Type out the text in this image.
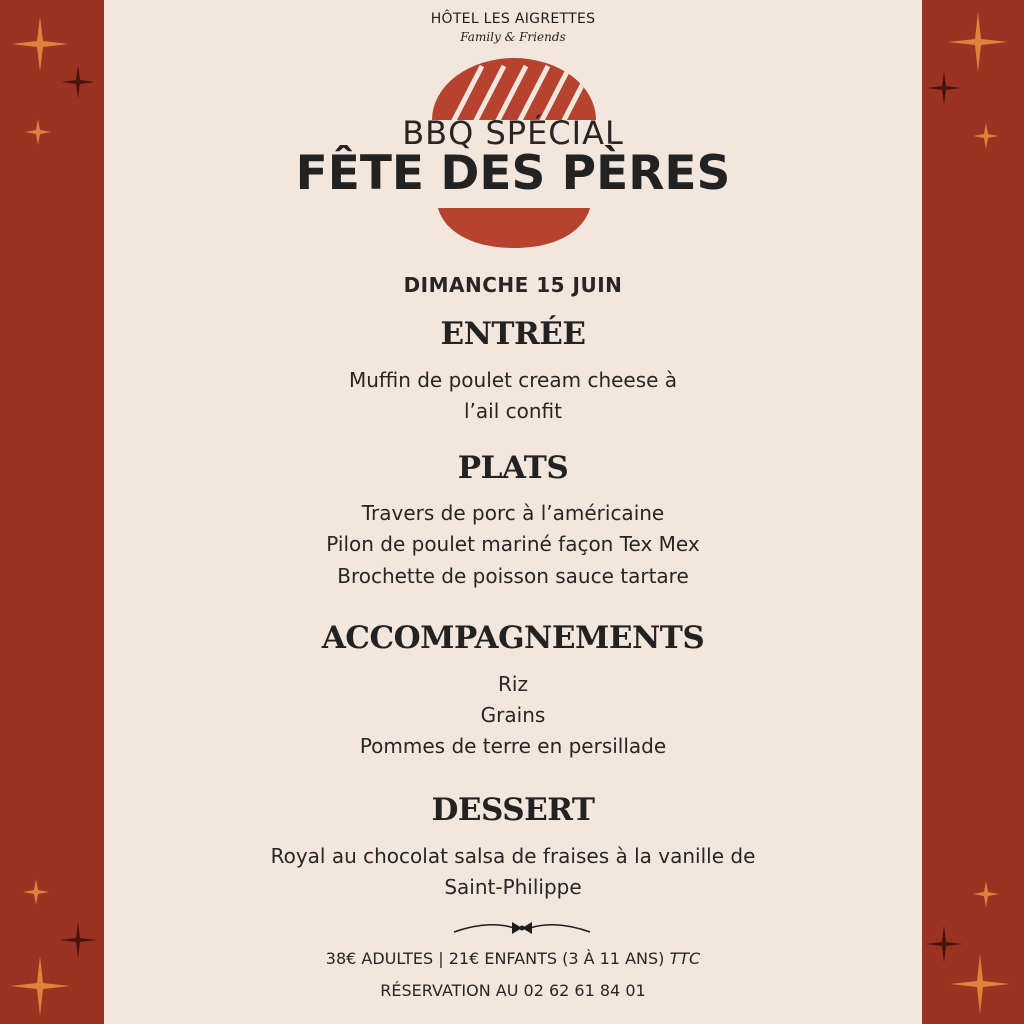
HÔTEL LES AIGRETTES
Family & Friends
BBQ SPÉCIAL
FÊTE DES PÈRES
DIMANCHE 15 JUIN
ENTRÉE
Muffin de poulet cream cheese à
l’ail confit
PLATS
Travers de porc à l’américaine
Pilon de poulet mariné façon Tex Mex
Brochette de poisson sauce tartare
ACCOMPAGNEMENTS
Riz
Grains
Pommes de terre en persillade
DESSERT
Royal au chocolat salsa de fraises à la vanille de
Saint-Philippe
38€ ADULTES | 21€ ENFANTS (3 À 11 ANS) TTC
RÉSERVATION AU 02 62 61 84 01
